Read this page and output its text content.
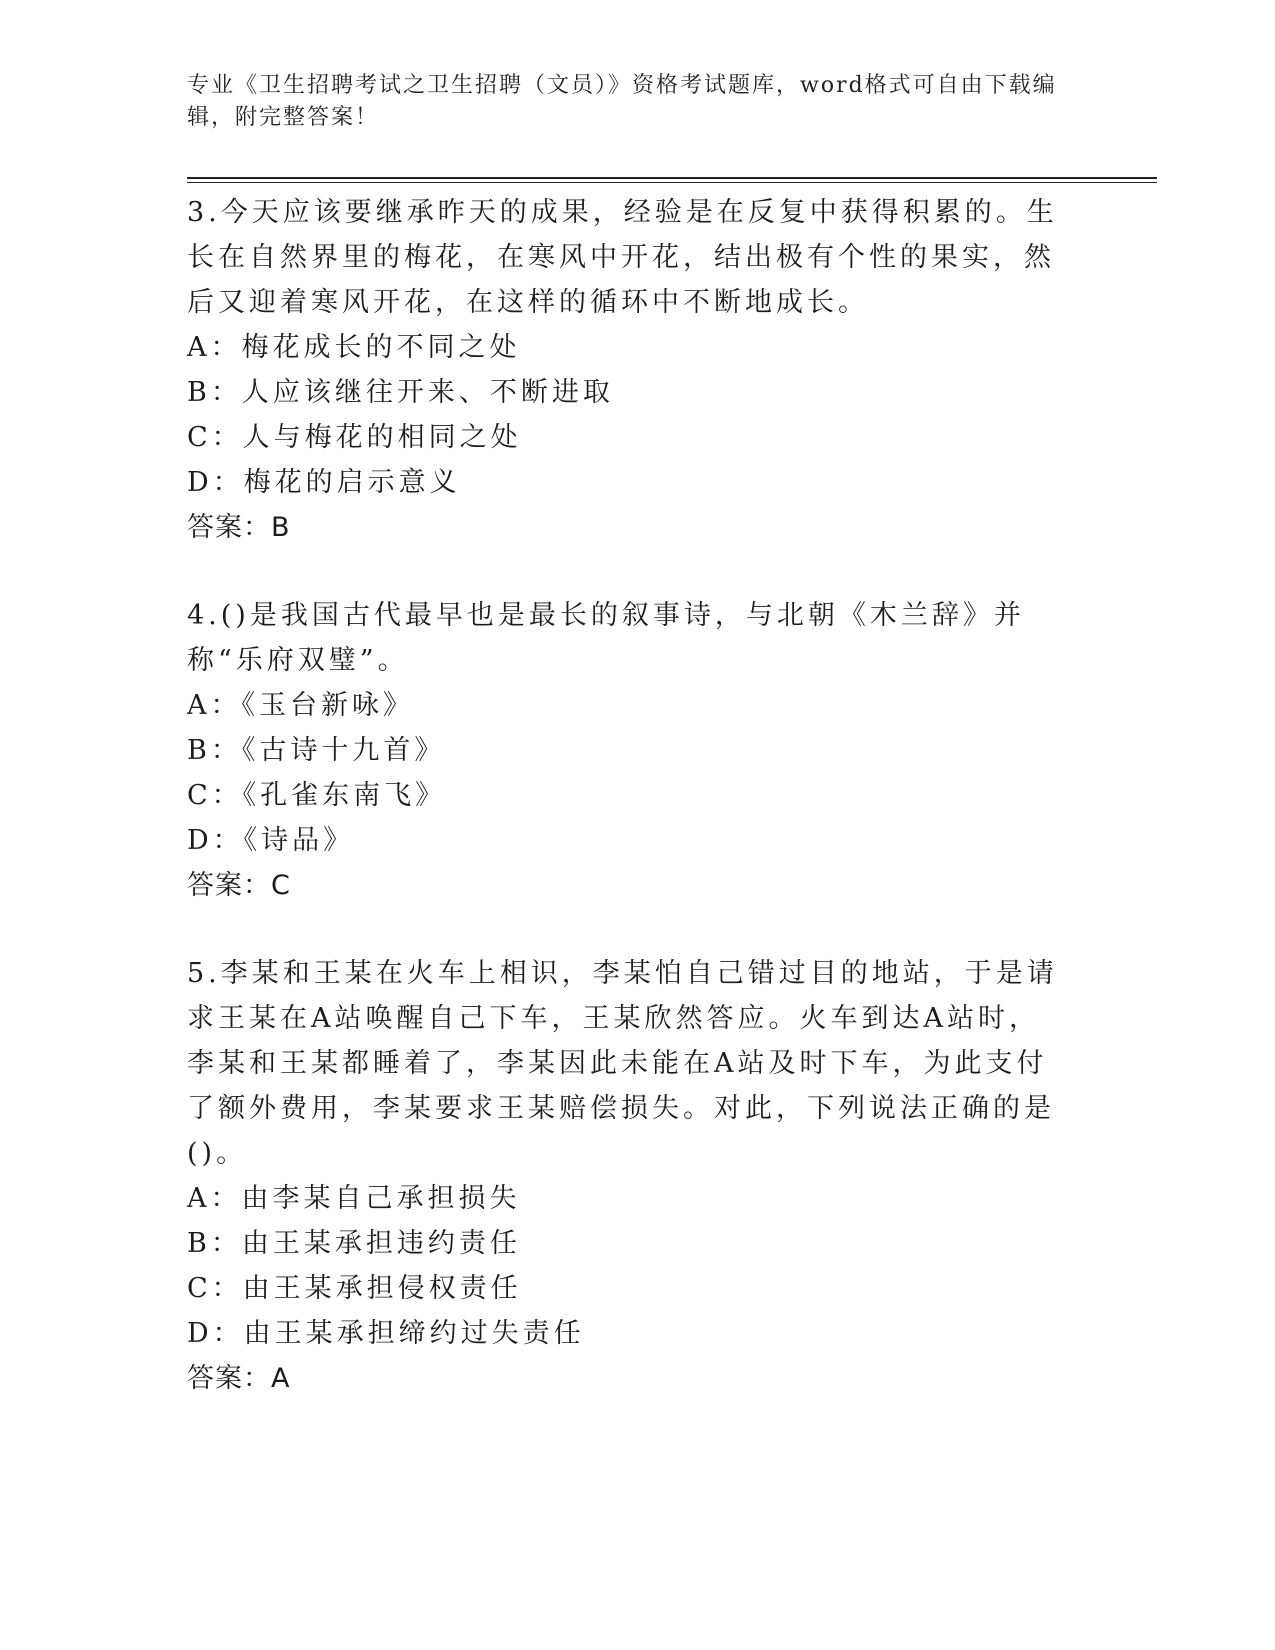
专业《卫生招聘考试之卫生招聘（文员）》资格考试题库，word格式可自由下载编辑，附完整答案！

3.今天应该要继承昨天的成果，经验是在反复中获得积累的。生长在自然界里的梅花，在寒风中开花，结出极有个性的果实，然后又迎着寒风开花，在这样的循环中不断地成长。

A：梅花成长的不同之处

B：人应该继往开来、不断进取

C：人与梅花的相同之处

D：梅花的启示意义

答案：B

4.()是我国古代最早也是最长的叙事诗，与北朝《木兰辞》并称“乐府双璧”。

A：《玉台新咏》

B：《古诗十九首》

C：《孔雀东南飞》

D：《诗品》

答案：C

5.李某和王某在火车上相识，李某怕自己错过目的地站，于是请求王某在A站唤醒自己下车，王某欣然答应。火车到达A站时，李某和王某都睡着了，李某因此未能在A站及时下车，为此支付了额外费用，李某要求王某赔偿损失。对此，下列说法正确的是()。

A：由李某自己承担损失

B：由王某承担违约责任

C：由王某承担侵权责任

D：由王某承担缔约过失责任

答案：A
